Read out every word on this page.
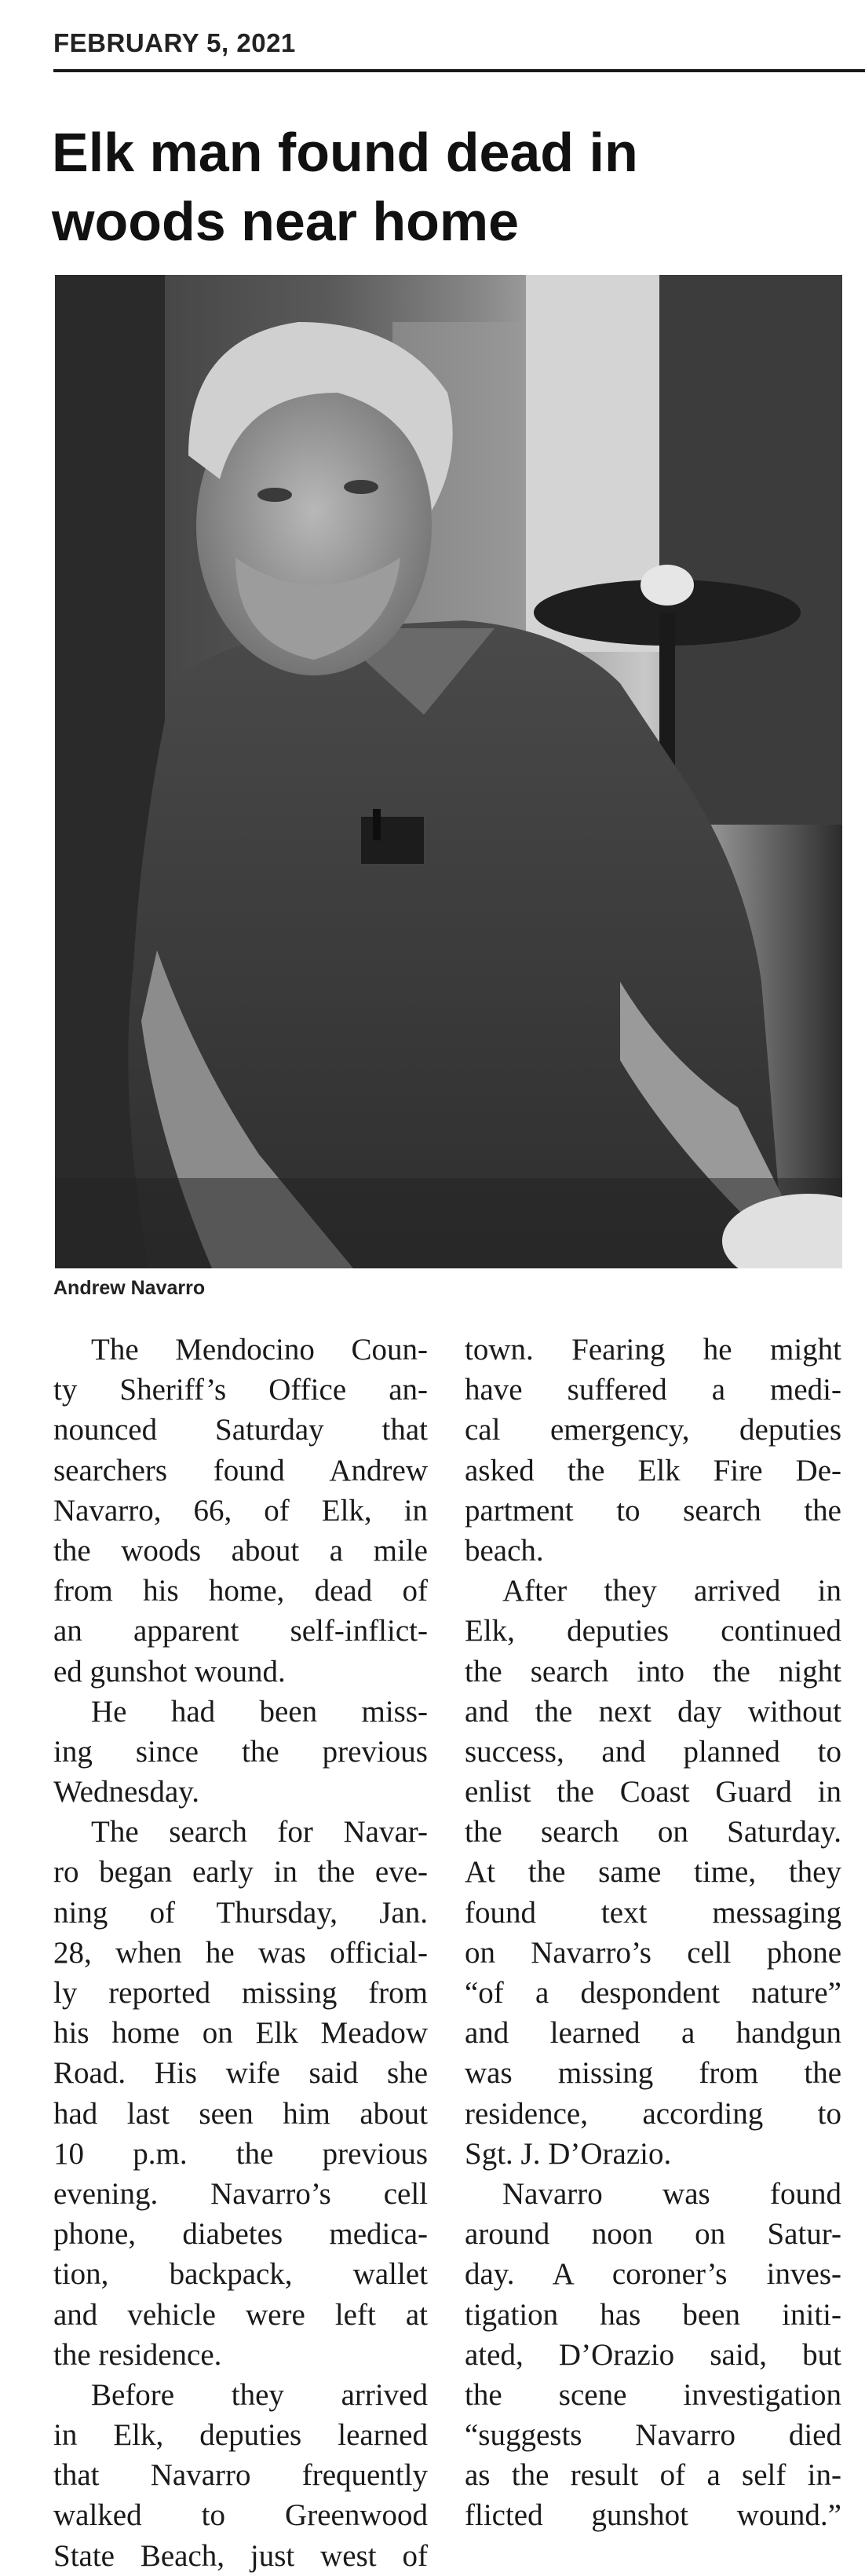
FEBRUARY 5, 2021
Elk man found dead in
woods near home
Andrew Navarro
The Mendocino Coun-
ty Sheriff’s Office an-
nounced Saturday that
searchers found Andrew
Navarro, 66, of Elk, in
the woods about a mile
from his home, dead of
an apparent self-inflict-
ed gunshot wound.
He had been miss-
ing since the previous
Wednesday.
The search for Navar-
ro began early in the eve-
ning of Thursday, Jan.
28, when he was official-
ly reported missing from
his home on Elk Meadow
Road. His wife said she
had last seen him about
10 p.m. the previous
evening. Navarro’s cell
phone, diabetes medica-
tion, backpack, wallet
and vehicle were left at
the residence.
Before they arrived
in Elk, deputies learned
that Navarro frequently
walked to Greenwood
State Beach, just west of
town. Fearing he might
have suffered a medi-
cal emergency, deputies
asked the Elk Fire De-
partment to search the
beach.
After they arrived in
Elk, deputies continued
the search into the night
and the next day without
success, and planned to
enlist the Coast Guard in
the search on Saturday.
At the same time, they
found text messaging
on Navarro’s cell phone
“of a despondent nature”
and learned a handgun
was missing from the
residence, according to
Sgt. J. D’Orazio.
Navarro was found
around noon on Satur-
day. A coroner’s inves-
tigation has been initi-
ated, D’Orazio said, but
the scene investigation
“suggests Navarro died
as the result of a self in-
flicted gunshot wound.”
